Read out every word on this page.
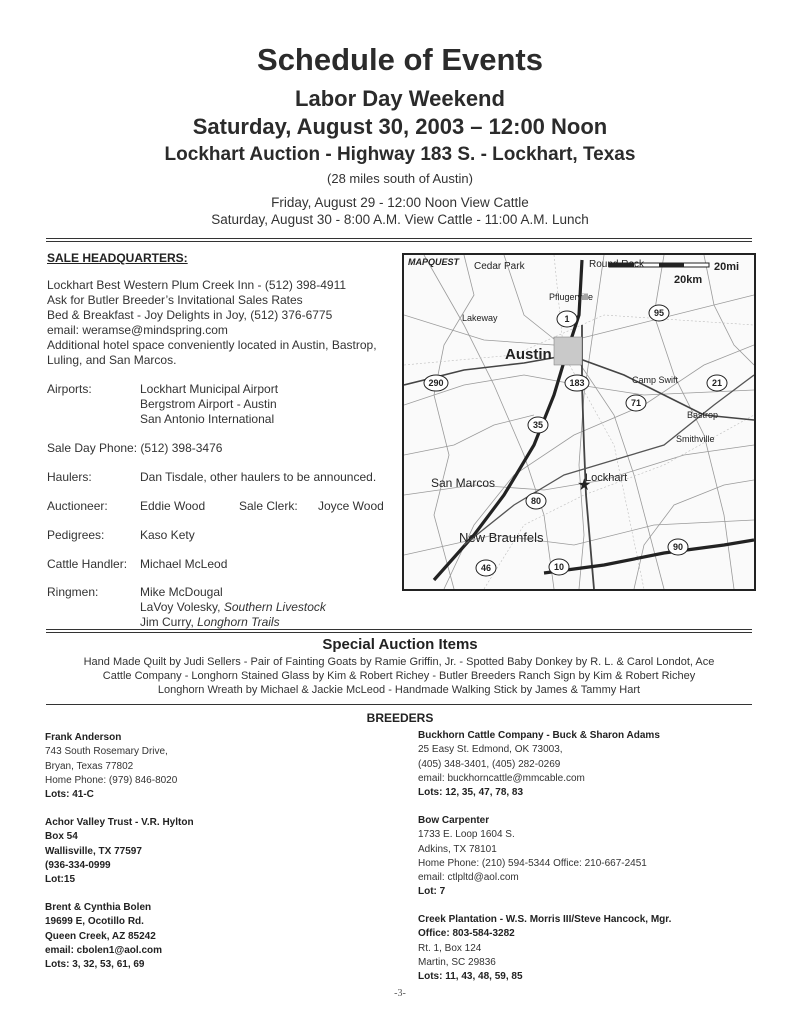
Schedule of Events
Labor Day Weekend
Saturday, August 30, 2003 – 12:00 Noon
Lockhart Auction - Highway 183 S. - Lockhart, Texas
(28 miles south of Austin)
Friday, August 29 - 12:00 Noon View Cattle
Saturday, August 30 - 8:00 A.M. View Cattle - 11:00 A.M. Lunch
SALE HEADQUARTERS:
Lockhart Best Western Plum Creek Inn - (512) 398-4911
Ask for Butler Breeder’s Invitational Sales Rates
Bed & Breakfast - Joy Delights in Joy, (512) 376-6775
email: weramse@mindspring.com
Additional hotel space conveniently located in Austin, Bastrop,
Luling, and San Marcos.
Airports:	Lockhart Municipal Airport
Bergstrom Airport - Austin
San Antonio International
Sale Day Phone: (512) 398-3476
Haulers:	Dan Tisdale, other haulers to be announced.
Auctioneer:	Eddie Wood	Sale Clerk: Joyce Wood
Pedigrees:	Kaso Kety
Cattle Handler: Michael McLeod
Ringmen:	Mike McDougal
LaVoy Volesky, Southern Livestock
Jim Curry, Longhorn Trails
Cedar Park	Round Rock
Pflugerville
Lakeway
Austin
Camp Swift
Bastrop
Smithville
San Marcos	Lockhart
New Braunfels
MAPQUEST	20mi
20km
1
95
290	183	21
71
35
80
90
46	10
★
Special Auction Items
Hand Made Quilt by Judi Sellers - Pair of Fainting Goats by Ramie Griffin, Jr. - Spotted Baby Donkey by R. L. & Carol Londot, Ace
Cattle Company - Longhorn Stained Glass by Kim & Robert Richey - Butler Breeders Ranch Sign by Kim & Robert Richey
Longhorn Wreath by Michael & Jackie McLeod - Handmade Walking Stick by James & Tammy Hart
BREEDERS
Frank Anderson
743 South Rosemary Drive,
Bryan, Texas 77802
Home Phone: (979) 846-8020
Lots: 41-C
Achor Valley Trust - V.R. Hylton
Box 54
Wallisville, TX 77597
(936-334-0999
Lot:15
Brent & Cynthia Bolen
19699 E, Ocotillo Rd.
Queen Creek, AZ 85242
email: cbolen1@aol.com
Lots: 3, 32, 53, 61, 69
Buckhorn Cattle Company - Buck & Sharon Adams
25 Easy St. Edmond, OK 73003,
(405) 348-3401, (405) 282-0269
email: buckhorncattle@mmcable.com
Lots: 12, 35, 47, 78, 83
Bow Carpenter
1733 E. Loop 1604 S.
Adkins, TX 78101
Home Phone: (210) 594-5344 Office: 210-667-2451
email: ctlpltd@aol.com
Lot: 7
Creek Plantation - W.S. Morris III/Steve Hancock, Mgr.
Office: 803-584-3282
Rt. 1, Box 124
Martin, SC 29836
Lots: 11, 43, 48, 59, 85
-3-
